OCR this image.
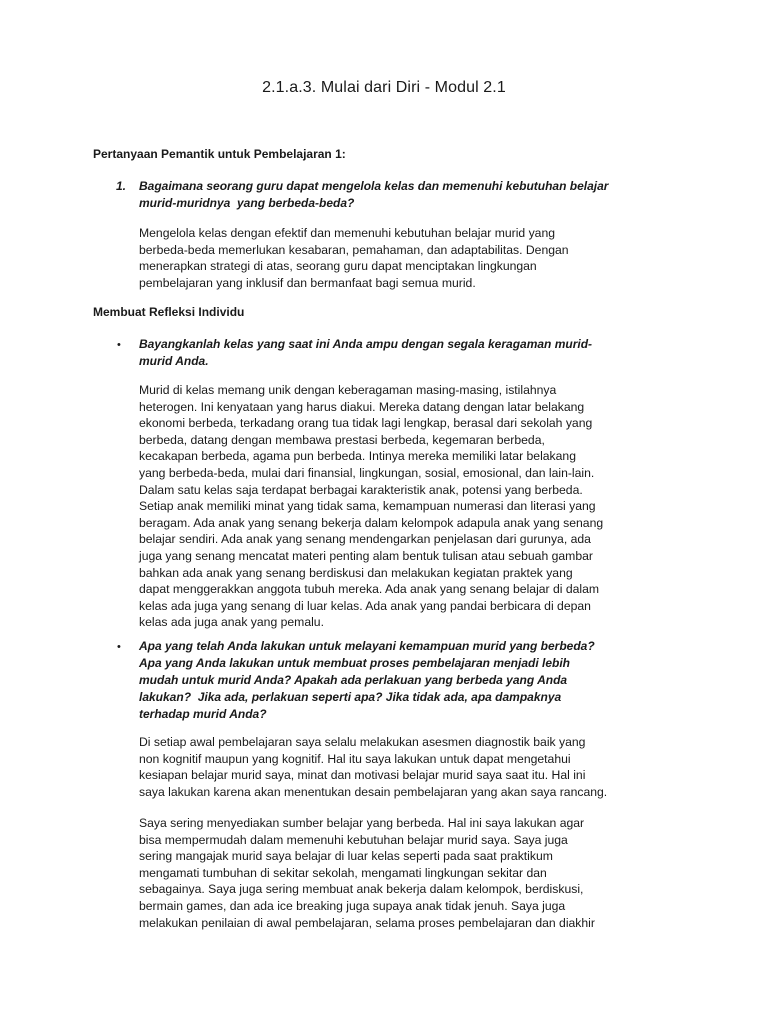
2.1.a.3. Mulai dari Diri - Modul 2.1
Pertanyaan Pemantik untuk Pembelajaran 1:
1. Bagaimana seorang guru dapat mengelola kelas dan memenuhi kebutuhan belajar
murid-muridnya  yang berbeda-beda?
Mengelola kelas dengan efektif dan memenuhi kebutuhan belajar murid yang
berbeda-beda memerlukan kesabaran, pemahaman, dan adaptabilitas. Dengan
menerapkan strategi di atas, seorang guru dapat menciptakan lingkungan
pembelajaran yang inklusif dan bermanfaat bagi semua murid.
Membuat Refleksi Individu
• Bayangkanlah kelas yang saat ini Anda ampu dengan segala keragaman murid-
murid Anda.
Murid di kelas memang unik dengan keberagaman masing-masing, istilahnya
heterogen. Ini kenyataan yang harus diakui. Mereka datang dengan latar belakang
ekonomi berbeda, terkadang orang tua tidak lagi lengkap, berasal dari sekolah yang
berbeda, datang dengan membawa prestasi berbeda, kegemaran berbeda,
kecakapan berbeda, agama pun berbeda. Intinya mereka memiliki latar belakang
yang berbeda-beda, mulai dari finansial, lingkungan, sosial, emosional, dan lain-lain.
Dalam satu kelas saja terdapat berbagai karakteristik anak, potensi yang berbeda.
Setiap anak memiliki minat yang tidak sama, kemampuan numerasi dan literasi yang
beragam. Ada anak yang senang bekerja dalam kelompok adapula anak yang senang
belajar sendiri. Ada anak yang senang mendengarkan penjelasan dari gurunya, ada
juga yang senang mencatat materi penting alam bentuk tulisan atau sebuah gambar
bahkan ada anak yang senang berdiskusi dan melakukan kegiatan praktek yang
dapat menggerakkan anggota tubuh mereka. Ada anak yang senang belajar di dalam
kelas ada juga yang senang di luar kelas. Ada anak yang pandai berbicara di depan
kelas ada juga anak yang pemalu.
• Apa yang telah Anda lakukan untuk melayani kemampuan murid yang berbeda?
Apa yang Anda lakukan untuk membuat proses pembelajaran menjadi lebih
mudah untuk murid Anda? Apakah ada perlakuan yang berbeda yang Anda
lakukan?  Jika ada, perlakuan seperti apa? Jika tidak ada, apa dampaknya
terhadap murid Anda?
Di setiap awal pembelajaran saya selalu melakukan asesmen diagnostik baik yang
non kognitif maupun yang kognitif. Hal itu saya lakukan untuk dapat mengetahui
kesiapan belajar murid saya, minat dan motivasi belajar murid saya saat itu. Hal ini
saya lakukan karena akan menentukan desain pembelajaran yang akan saya rancang.
Saya sering menyediakan sumber belajar yang berbeda. Hal ini saya lakukan agar
bisa mempermudah dalam memenuhi kebutuhan belajar murid saya. Saya juga
sering mangajak murid saya belajar di luar kelas seperti pada saat praktikum
mengamati tumbuhan di sekitar sekolah, mengamati lingkungan sekitar dan
sebagainya. Saya juga sering membuat anak bekerja dalam kelompok, berdiskusi,
bermain games, dan ada ice breaking juga supaya anak tidak jenuh. Saya juga
melakukan penilaian di awal pembelajaran, selama proses pembelajaran dan diakhir
